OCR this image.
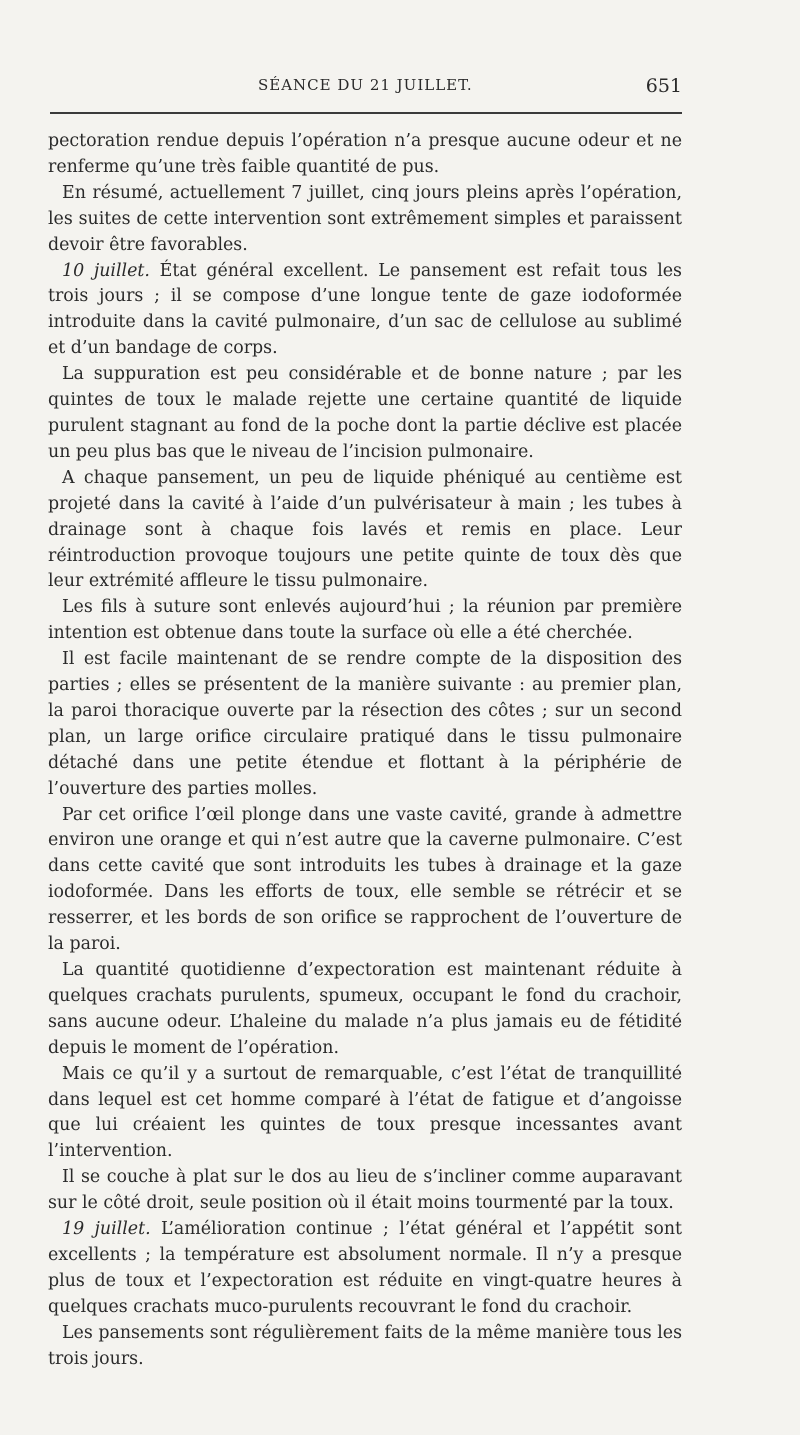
SÉANCE DU 21 JUILLET.	651

pectoration rendue depuis l’opération n’a presque aucune odeur et ne renferme qu’une très faible quantité de pus.

En résumé, actuellement 7 juillet, cinq jours pleins après l’opération, les suites de cette intervention sont extrêmement simples et paraissent devoir être favorables.

10 juillet. État général excellent. Le pansement est refait tous les trois jours ; il se compose d’une longue tente de gaze iodoformée introduite dans la cavité pulmonaire, d’un sac de cellulose au sublimé et d’un bandage de corps.

La suppuration est peu considérable et de bonne nature ; par les quintes de toux le malade rejette une certaine quantité de liquide purulent stagnant au fond de la poche dont la partie déclive est placée un peu plus bas que le niveau de l’incision pulmonaire.

A chaque pansement, un peu de liquide phéniqué au centième est projeté dans la cavité à l’aide d’un pulvérisateur à main ; les tubes à drainage sont à chaque fois lavés et remis en place. Leur réintroduction provoque toujours une petite quinte de toux dès que leur extrémité affleure le tissu pulmonaire.

Les fils à suture sont enlevés aujourd’hui ; la réunion par première intention est obtenue dans toute la surface où elle a été cherchée.

Il est facile maintenant de se rendre compte de la disposition des parties ; elles se présentent de la manière suivante : au premier plan, la paroi thoracique ouverte par la résection des côtes ; sur un second plan, un large orifice circulaire pratiqué dans le tissu pulmonaire détaché dans une petite étendue et flottant à la périphérie de l’ouverture des parties molles.

Par cet orifice l’œil plonge dans une vaste cavité, grande à admettre environ une orange et qui n’est autre que la caverne pulmonaire. C’est dans cette cavité que sont introduits les tubes à drainage et la gaze iodoformée. Dans les efforts de toux, elle semble se rétrécir et se resserrer, et les bords de son orifice se rapprochent de l’ouverture de la paroi.

La quantité quotidienne d’expectoration est maintenant réduite à quelques crachats purulents, spumeux, occupant le fond du crachoir, sans aucune odeur. L’haleine du malade n’a plus jamais eu de fétidité depuis le moment de l’opération.

Mais ce qu’il y a surtout de remarquable, c’est l’état de tranquillité dans lequel est cet homme comparé à l’état de fatigue et d’angoisse que lui créaient les quintes de toux presque incessantes avant l’intervention.

Il se couche à plat sur le dos au lieu de s’incliner comme auparavant sur le côté droit, seule position où il était moins tourmenté par la toux.

19 juillet. L’amélioration continue ; l’état général et l’appétit sont excellents ; la température est absolument normale. Il n’y a presque plus de toux et l’expectoration est réduite en vingt-quatre heures à quelques crachats muco-purulents recouvrant le fond du crachoir.

Les pansements sont régulièrement faits de la même manière tous les trois jours.
